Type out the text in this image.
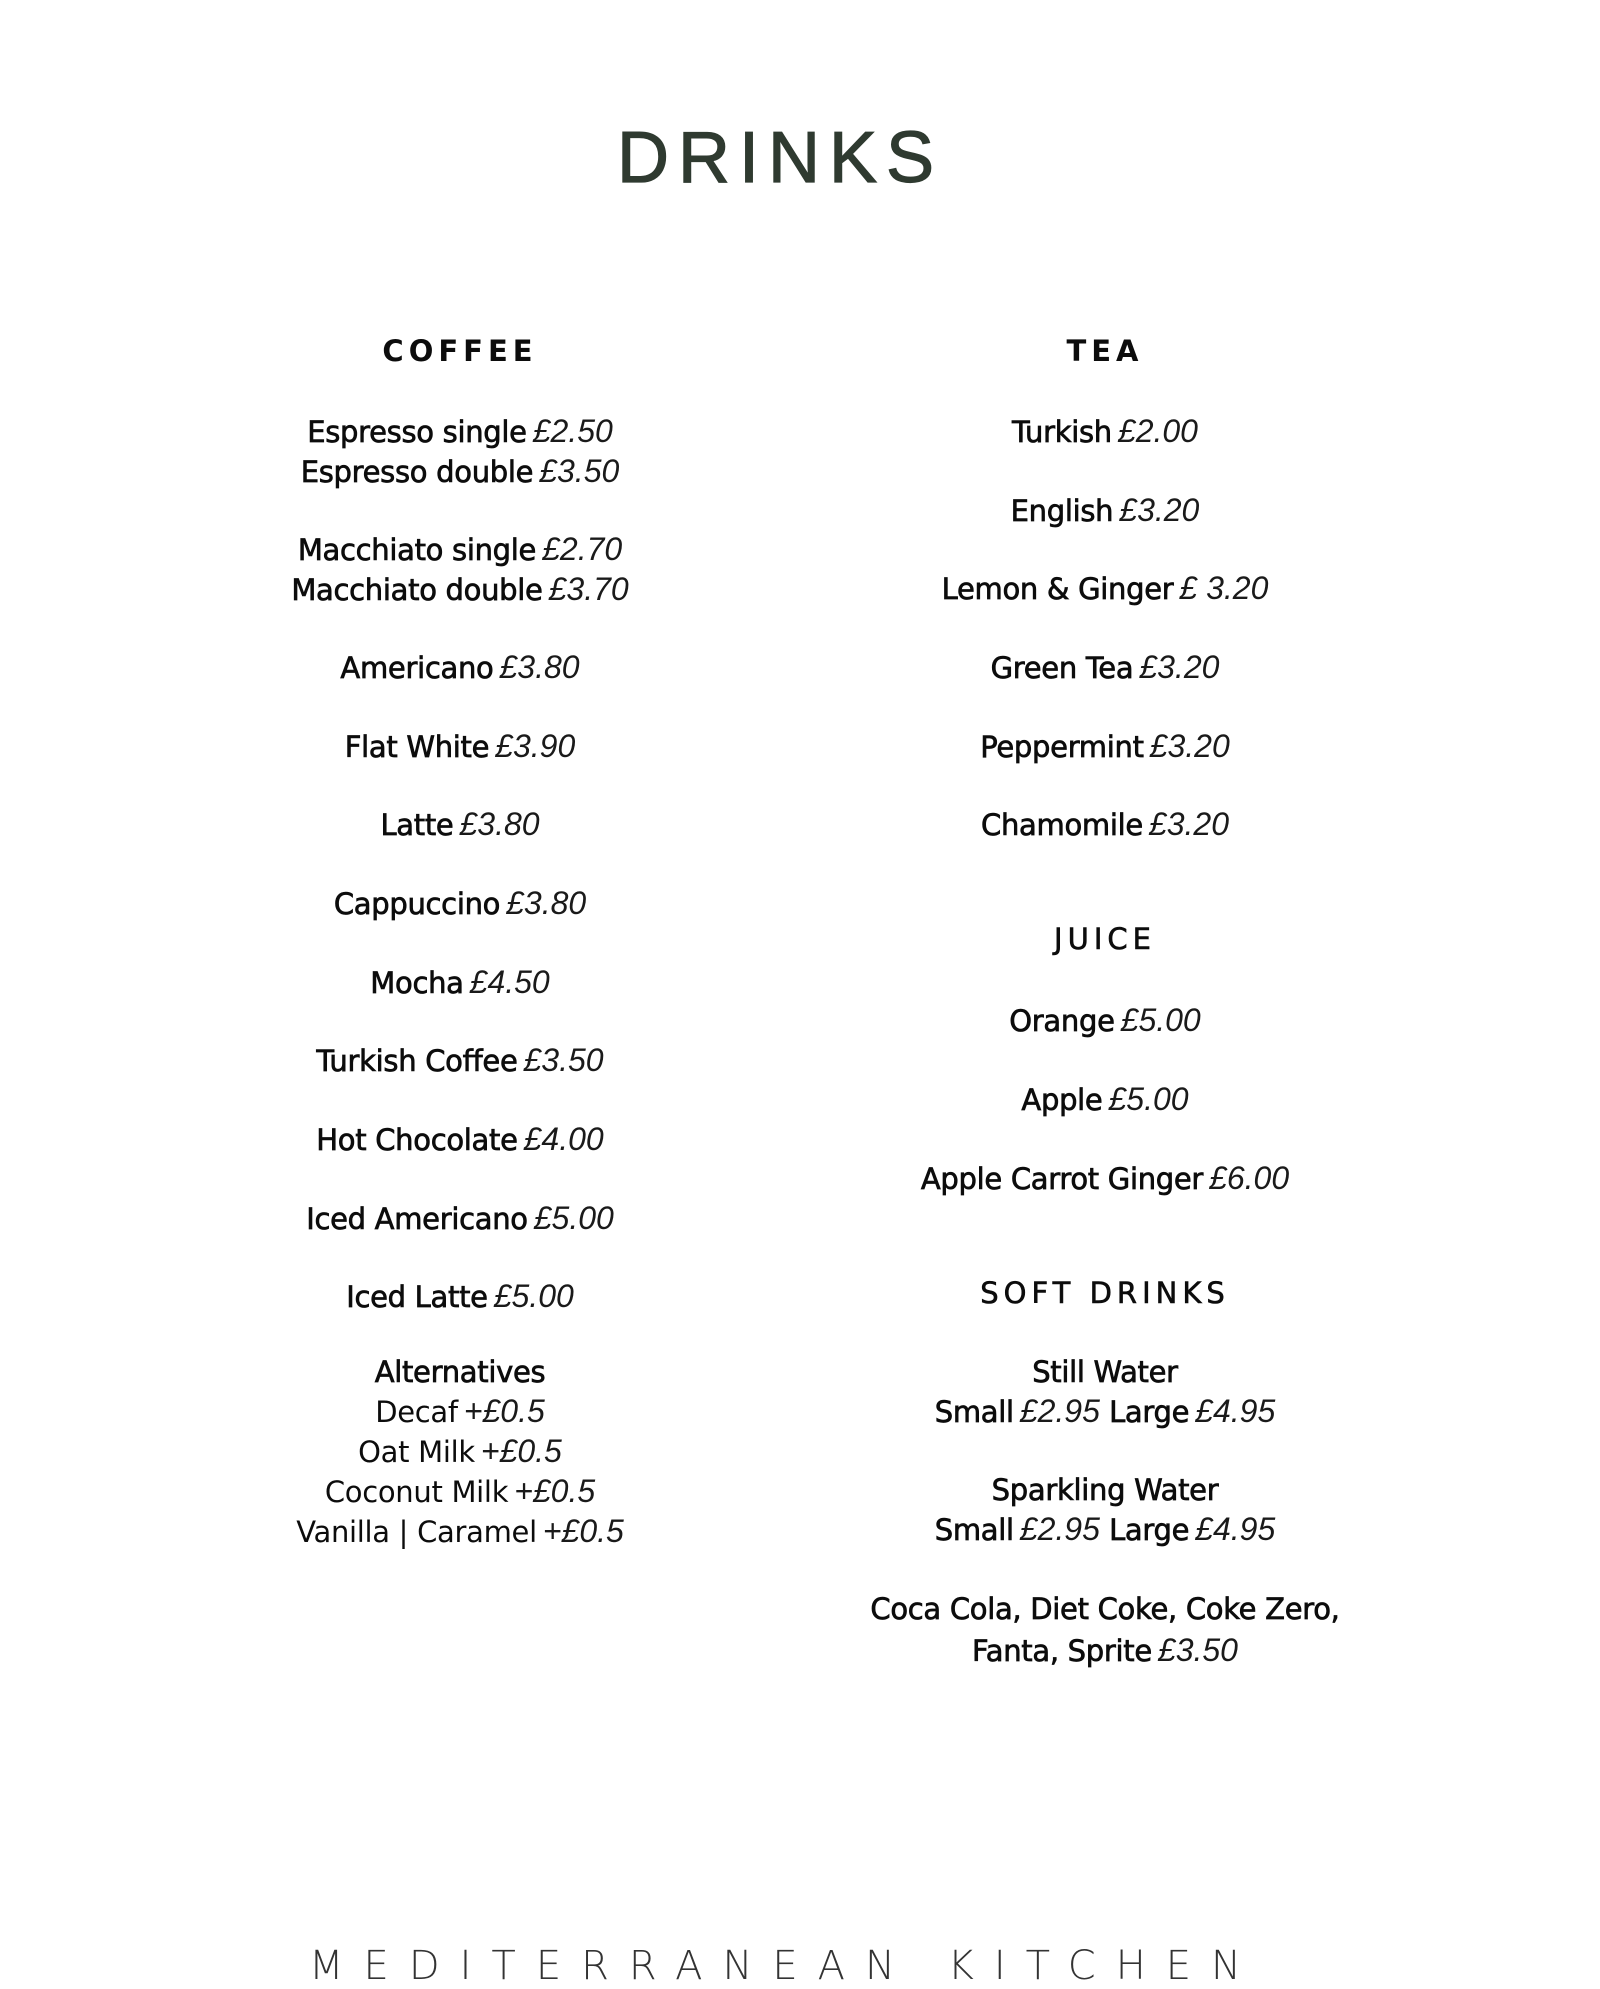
DRINKS
COFFEE
Espresso single £2.50
Espresso double £3.50
Macchiato single £2.70
Macchiato double £3.70
Americano £3.80
Flat White £3.90
Latte £3.80
Cappuccino £3.80
Mocha £4.50
Turkish Coffee £3.50
Hot Chocolate £4.00
Iced Americano £5.00
Iced Latte £5.00
Alternatives
Decaf +£0.5
Oat Milk +£0.5
Coconut Milk +£0.5
Vanilla | Caramel +£0.5
TEA
Turkish £2.00
English £3.20
Lemon & Ginger £ 3.20
Green Tea £3.20
Peppermint £3.20
Chamomile £3.20
JUICE
Orange £5.00
Apple £5.00
Apple Carrot Ginger £6.00
SOFT DRINKS
Still Water
Small £2.95 Large £4.95
Sparkling Water
Small £2.95 Large £4.95
Coca Cola, Diet Coke, Coke Zero,
Fanta, Sprite £3.50
MEDITERRANEAN KITCHEN
